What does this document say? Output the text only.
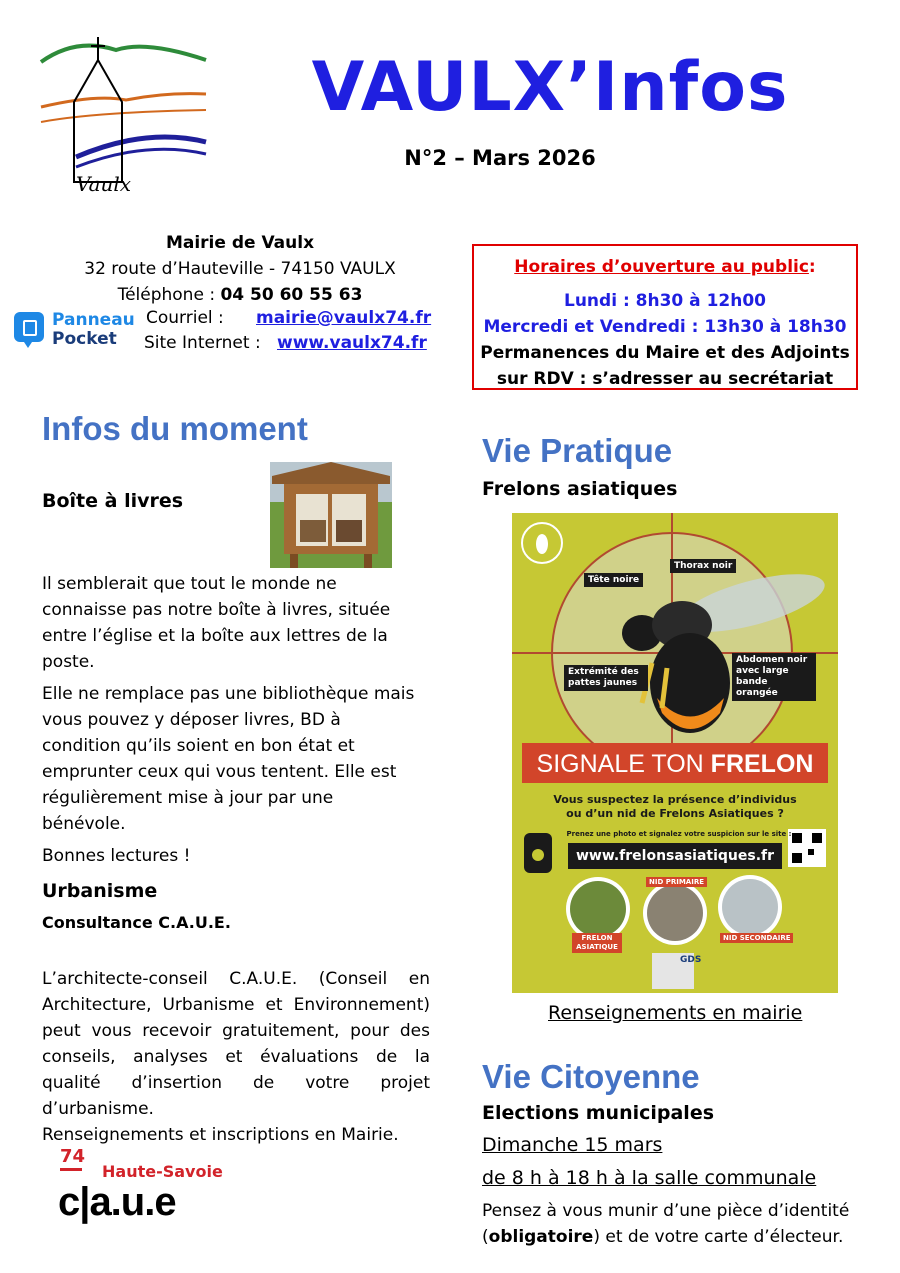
Vaulx
VAULX’Infos
N°2 – Mars 2026
Mairie de Vaulx
32 route d’Hauteville - 74150 VAULX
Téléphone : 04 50 60 55 63
Courriel : mairie@vaulx74.fr
Site Internet : www.vaulx74.fr
Panneau
Pocket
Horaires d’ouverture au public:
Lundi : 8h30 à 12h00
Mercredi et Vendredi : 13h30 à 18h30
Permanences du Maire et des Adjoints
sur RDV : s’adresser au secrétariat
Infos du moment
Boîte à livres

Il semblerait que tout le monde ne connaisse pas notre boîte à livres, située entre l’église et la boîte aux lettres de la poste.

Elle ne remplace pas une bibliothèque mais vous pouvez y déposer livres, BD à condition qu’ils soient en bon état et emprunter ceux qui vous tentent. Elle est régulièrement mise à jour par une bénévole.

Bonnes lectures !

Urbanisme
Consultance C.A.U.E.

L’architecte-conseil C.A.U.E. (Conseil en Architecture, Urbanisme et Environnement) peut vous recevoir gratuitement, pour des conseils, analyses et évaluations de la qualité d’insertion de votre projet d’urbanisme.

Renseignements et inscriptions en Mairie.

74
Haute-Savoie
c|a.u.e
Vie Pratique
Frelons asiatiques
Tête noire
Thorax noir
Extrémité des pattes jaunes
Abdomen noir avec large bande orangée
SIGNALE TON FRELON
Vous suspectez la présence d’individus
ou d’un nid de Frelons Asiatiques ?
Prenez une photo et signalez votre suspicion sur le site :
www.frelonsasiatiques.fr
FRELON ASIATIQUE
NID PRIMAIRE
NID SECONDAIRE
GDS
Renseignements en mairie
Vie Citoyenne
Elections municipales
Dimanche 15 mars
de 8 h à 18 h à la salle communale
Pensez à vous munir d’une pièce d’identité (obligatoire) et de votre carte d’électeur.
